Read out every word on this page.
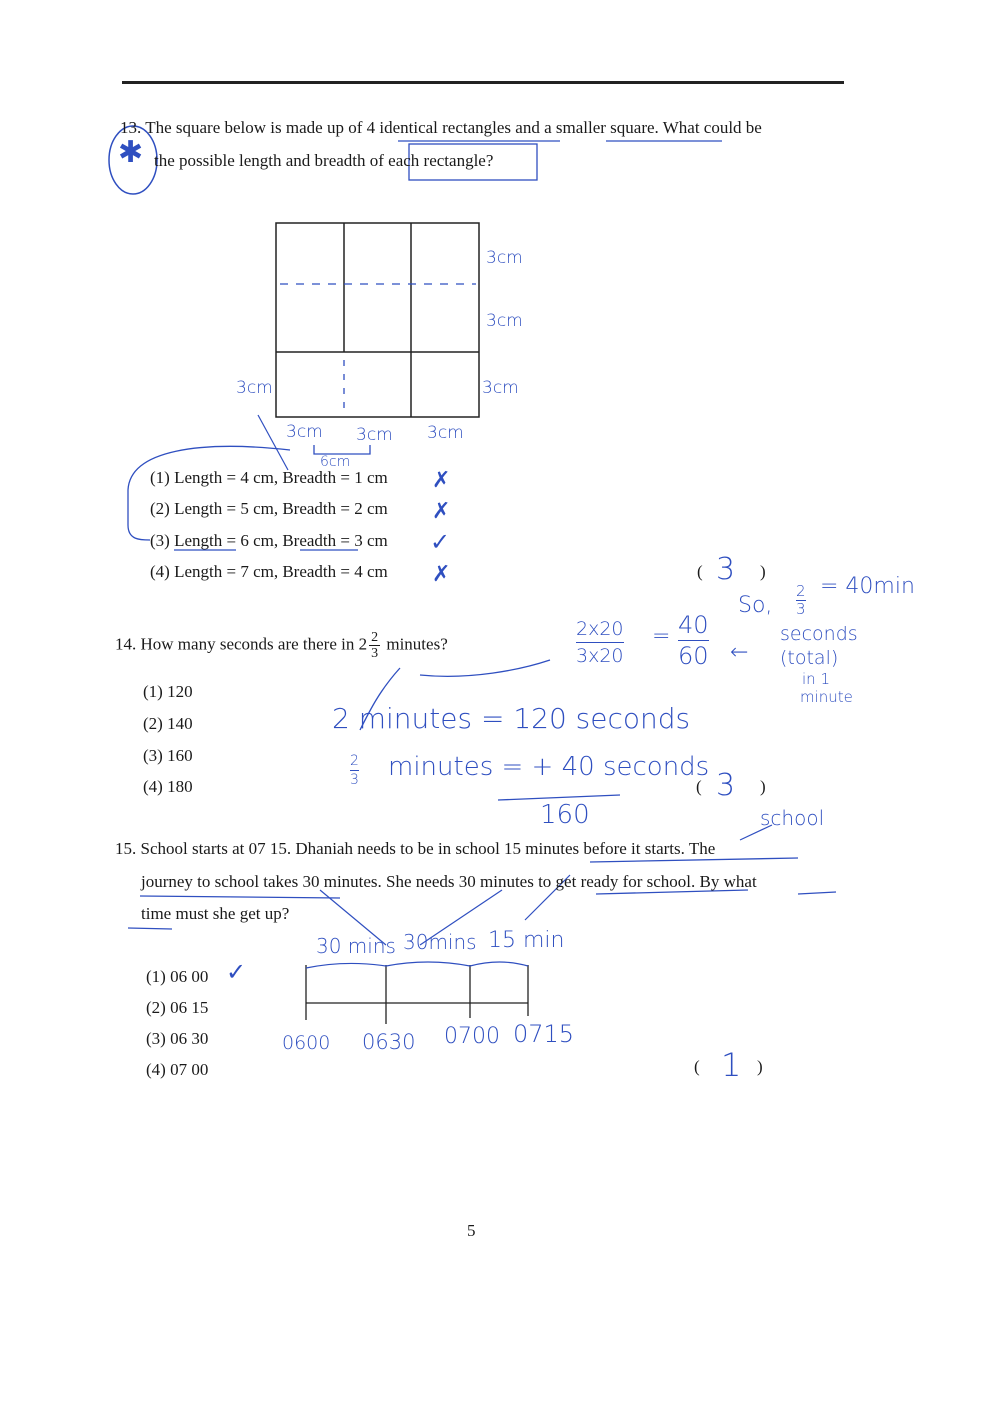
13. The square below is made up of 4 identical rectangles and a smaller square. What could be
the possible length and breadth of each rectangle?
✱
3cm
3cm
3cm
3cm
3cm 3cm 3cm
6cm
(1) Length = 4 cm, Breadth = 1 cm
(2) Length = 5 cm, Breadth = 2 cm
(3) Length = 6 cm, Breadth = 3 cm
(4) Length = 7 cm, Breadth = 4 cm
✗
✗
✓
✗	( 3 )
14. How many seconds are there in $2 \frac{2}{3}$ minutes?
(1) 120
(2) 140
(3) 160
(4) 180
2x20
3x20
= 40
60 ←
So,
2
3
= 40min
seconds
(total)
in 1
minute
2 minutes = 120 seconds
2
3 minutes = + 40 seconds
160
( 3 )
school
15. School starts at 07 15. Dhaniah needs to be in school 15 minutes before it starts. The
journey to school takes 30 minutes. She needs 30 minutes to get ready for school. By what
time must she get up?
30 mins 30mins 15 min
(1) 06 00 ✓
(2) 06 15
(3) 06 30
(4) 07 00
0600 0630 0700 0715
( 1 )
5
